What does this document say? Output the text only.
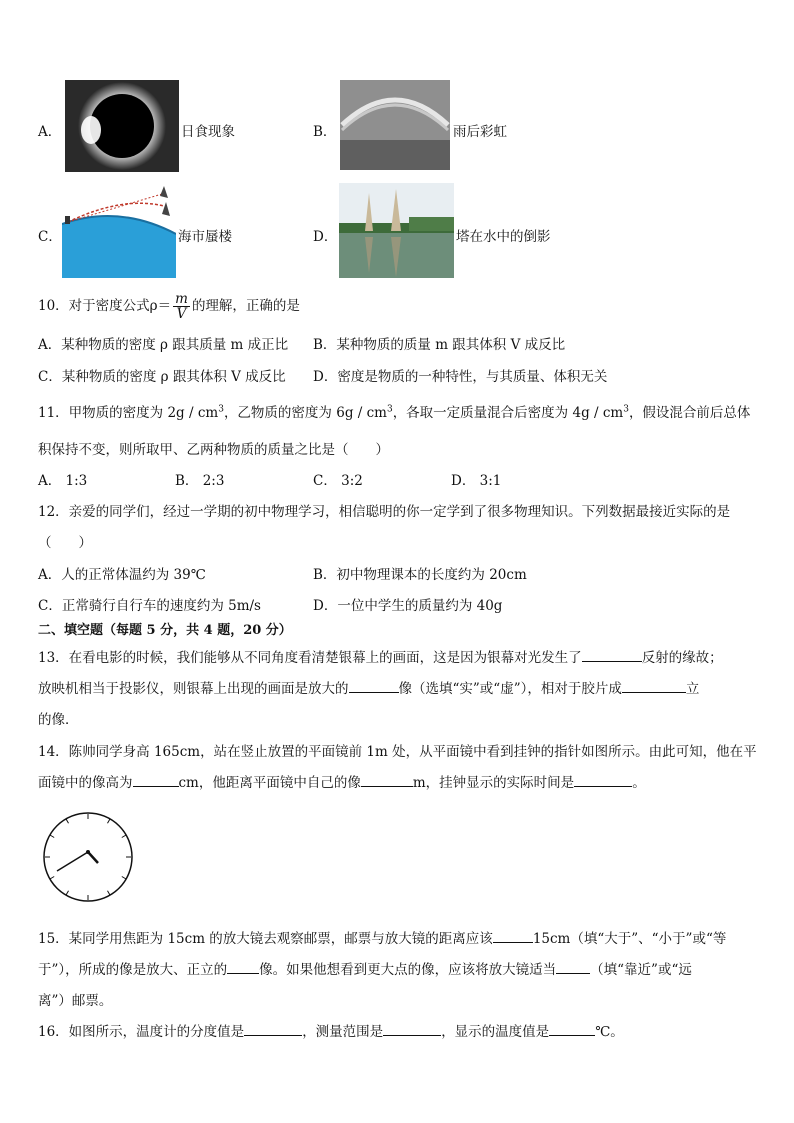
A．	日食现象	B．	雨后彩虹
C．	海市蜃楼	D．	塔在水中的倒影
10．对于密度公式$\rho= \frac{m}{V}$ 的理解，正确的是
A．某种物质的密度 ρ 跟其质量 m 成正比 B．某种物质的质量 m 跟其体积 V 成反比
C．某种物质的密度 ρ 跟其体积 V 成反比 D．密度是物质的一种特性，与其质量、体积无关
11．甲物质的密度为 $2g / cm^3$，乙物质的密度为 $6g / cm^3$，各取一定质量混合后密度为 $4g / cm^3$，假设混合前后总体
积保持不变，则所取甲、乙两种物质的质量之比是（　　）
A． 1:3	B． 2:3	C． 3:2	D． 3:1
12．亲爱的同学们，经过一学期的初中物理学习，相信聪明的你一定学到了很多物理知识。下列数据最接近实际的是
（　　）
A．人的正常体温约为 39℃	B．初中物理课本的长度约为 20cm
C．正常骑行自行车的速度约为 5m/s	D．一位中学生的质量约为 40g
二、填空题（每题 5 分，共 4 题，20 分）
13．在看电影的时候，我们能够从不同角度看清楚银幕上的画面，这是因为银幕对光发生了	反射的缘故；
放映机相当于投影仪，则银幕上出现的画面是放大的	像（选填“实”或“虚”），相对于胶片成	立
的像．
14．陈帅同学身高 165cm，站在竖止放置的平面镜前 1m 处，从平面镜中看到挂钟的指针如图所示。由此可知，他在平
面镜中的像高为	cm，他距离平面镜中自己的像	m，挂钟显示的实际时间是	。
15．某同学用焦距为 15cm 的放大镜去观察邮票，邮票与放大镜的距离应该	15cm（填“大于”、“小于”或“等
于”），所成的像是放大、正立的 像。如果他想看到更大点的像，应该将放大镜适当	（填“靠近”或“远
离”）邮票。
16．如图所示，温度计的分度值是	，测量范围是	，显示的温度值是	℃。
